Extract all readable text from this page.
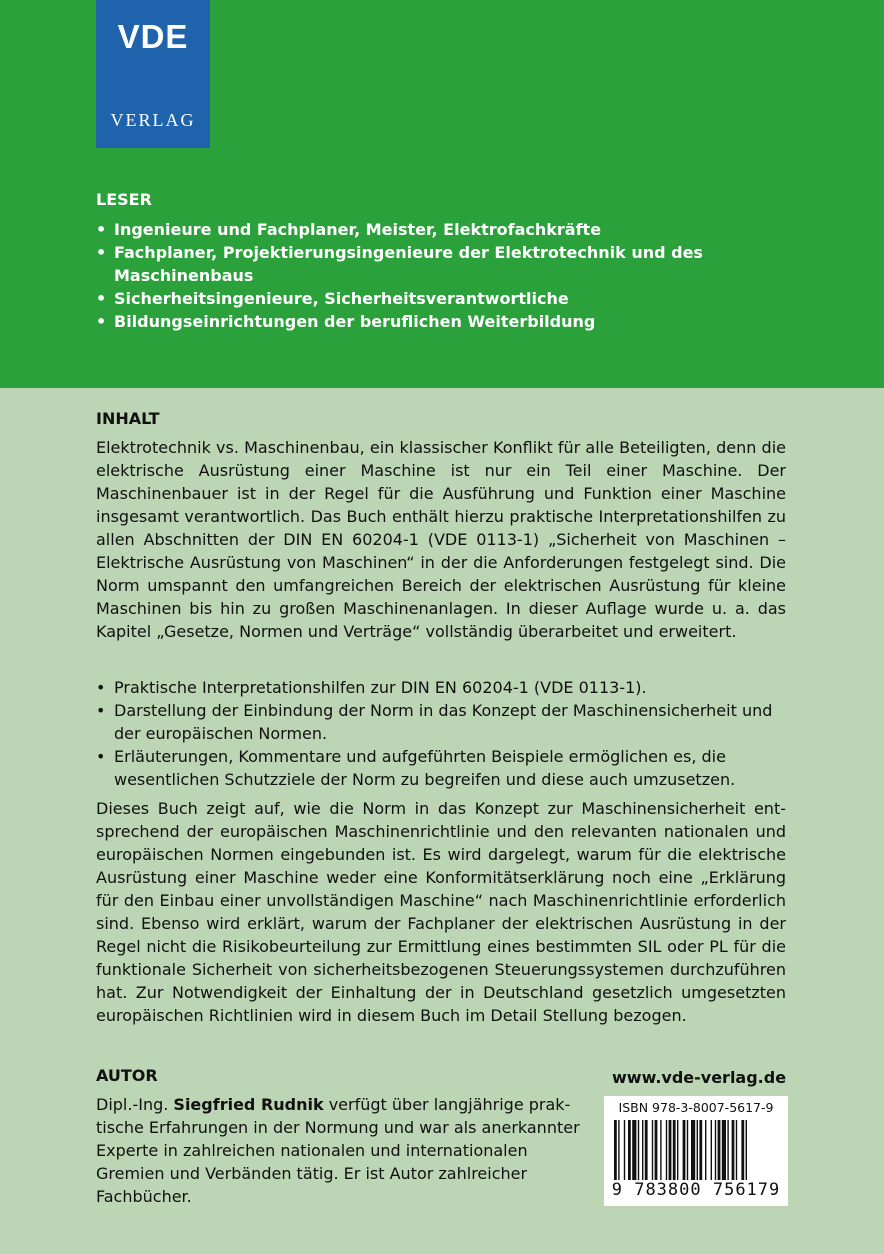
VDE
VERLAG
LESER
• Ingenieure und Fachplaner, Meister, Elektrofachkräfte
• Fachplaner, Projektierungsingenieure der Elektrotechnik und des Maschinenbaus
• Sicherheitsingenieure, Sicherheitsverantwortliche
• Bildungseinrichtungen der beruflichen Weiterbildung
INHALT
Elektrotechnik vs. Maschinenbau, ein klassischer Konflikt für alle Beteiligten, denn die elektrische Ausrüstung einer Maschine ist nur ein Teil einer Maschine. Der Maschinenbauer ist in der Regel für die Ausführung und Funktion einer Maschine insgesamt verantwortlich. Das Buch enthält hierzu praktische Interpretationshilfen zu allen Abschnitten der DIN EN 60204-1 (VDE 0113-1) „Sicherheit von Maschinen – Elektrische Ausrüstung von Maschinen“ in der die Anforderungen festgelegt sind. Die Norm umspannt den umfangreichen Bereich der elektrischen Ausrüstung für kleine Maschinen bis hin zu großen Maschinenanlagen. In dieser Auflage wurde u. a. das Kapitel „Gesetze, Normen und Verträge“ vollständig überarbeitet und erweitert.
• Praktische Interpretationshilfen zur DIN EN 60204-1 (VDE 0113-1).
• Darstellung der Einbindung der Norm in das Konzept der Maschinensicherheit und der europäischen Normen.
• Erläuterungen, Kommentare und aufgeführten Beispiele ermöglichen es, die wesentlichen Schutzziele der Norm zu begreifen und diese auch umzusetzen.
Dieses Buch zeigt auf, wie die Norm in das Konzept zur Maschinensicherheit entsprechend der europäischen Maschinenrichtlinie und den relevanten nationalen und europäischen Normen eingebunden ist. Es wird dargelegt, warum für die elektrische Ausrüstung einer Maschine weder eine Konformitätserklärung noch eine „Erklärung für den Einbau einer unvollständigen Maschine“ nach Maschinenrichtlinie erforderlich sind. Ebenso wird erklärt, warum der Fachplaner der elektrischen Ausrüstung in der Regel nicht die Risikobeurteilung zur Ermittlung eines bestimmten SIL oder PL für die funktionale Sicherheit von sicherheitsbezogenen Steuerungssystemen durchzuführen hat. Zur Notwendigkeit der Einhaltung der in Deutschland gesetzlich umgesetzten europäischen Richtlinien wird in diesem Buch im Detail Stellung bezogen.
AUTOR
Dipl.-Ing. Siegfried Rudnik verfügt über langjährige praktische Erfahrungen in der Normung und war als anerkannter Experte in zahlreichen nationalen und internationalen Gremien und Verbänden tätig. Er ist Autor zahlreicher Fachbücher.
www.vde-verlag.de
ISBN 978-3-8007-5617-9
9 783800 756179
